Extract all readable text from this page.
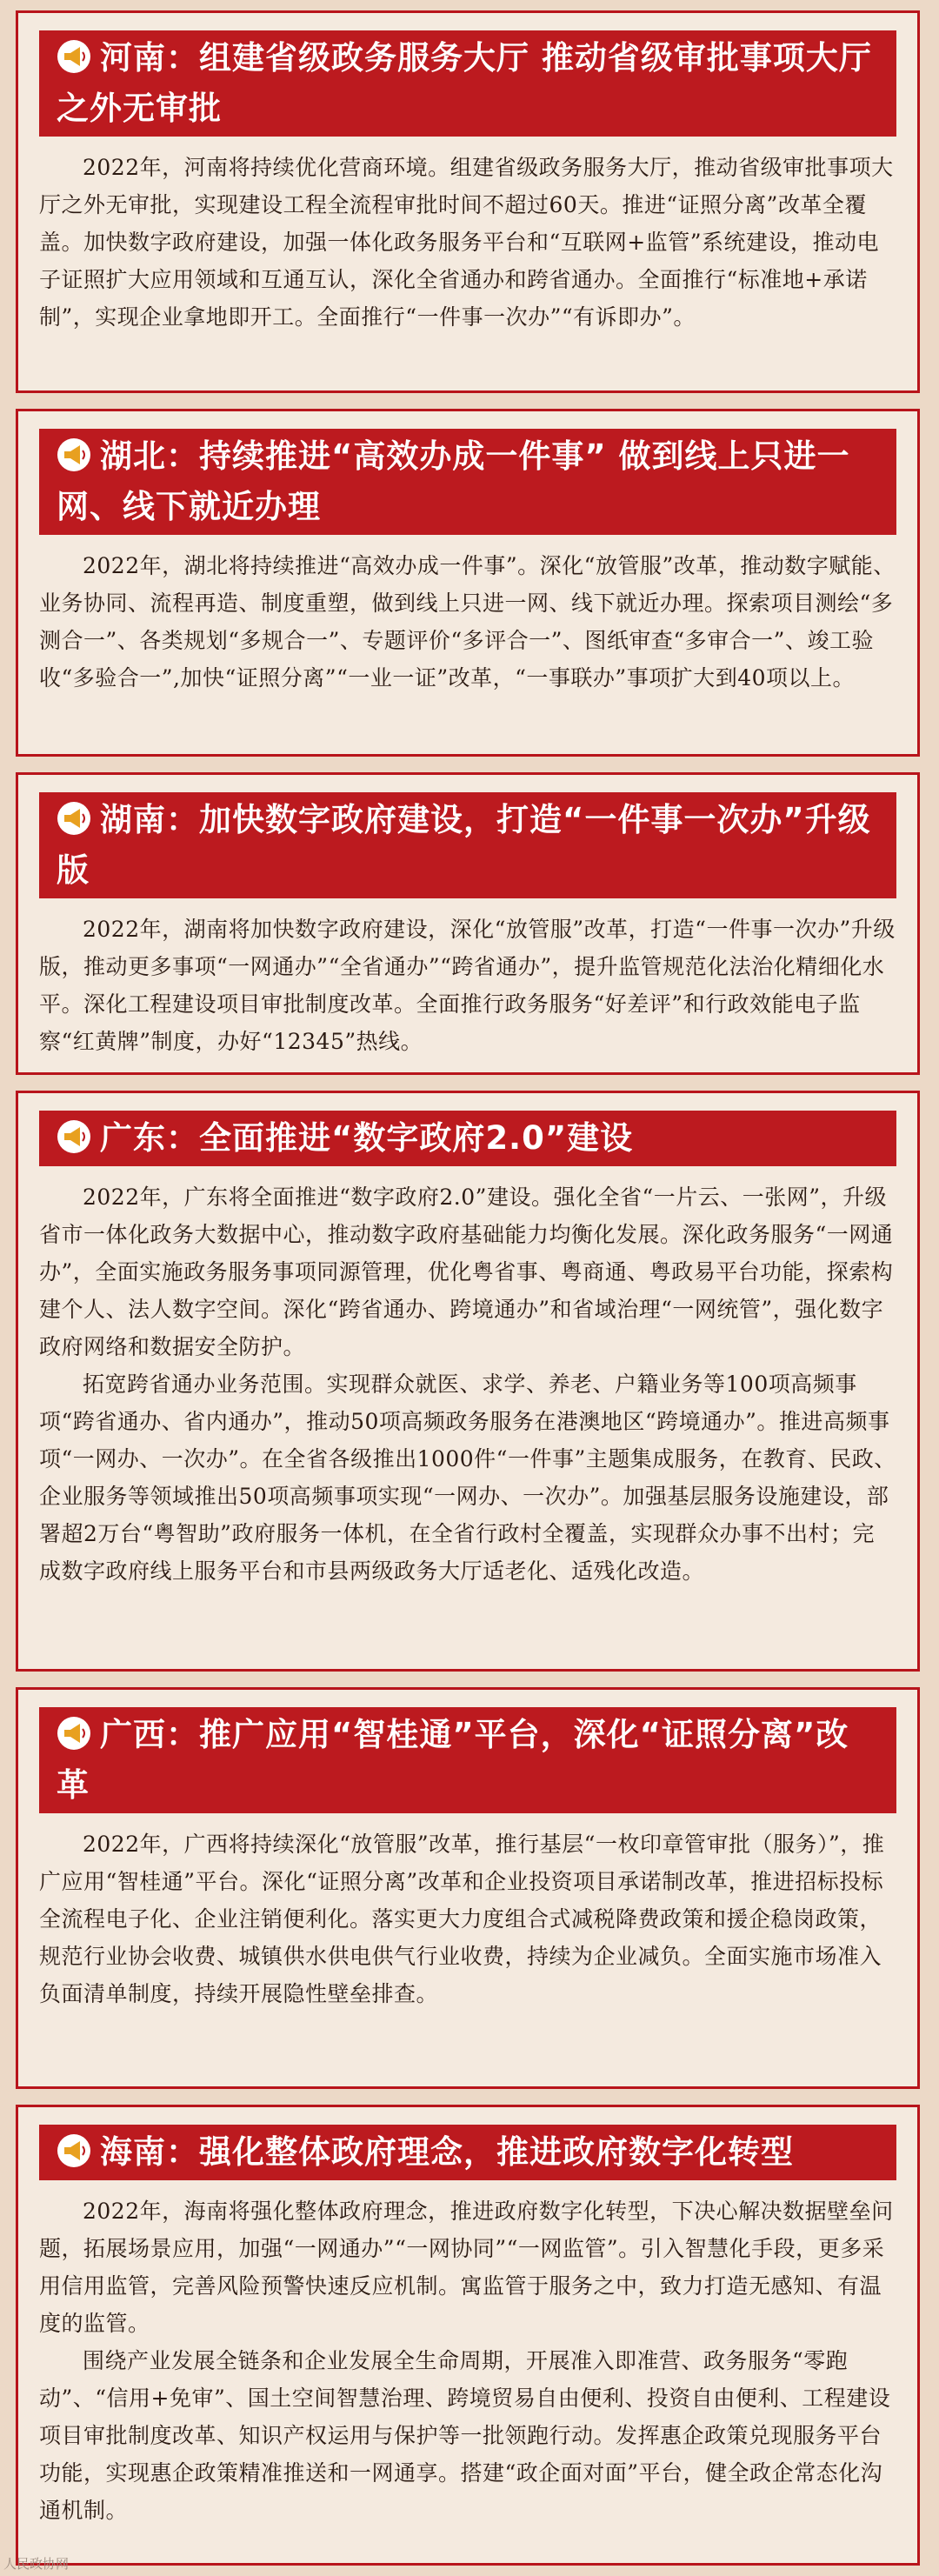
河南：组建省级政务服务大厅 推动省级审批事项大厅之外无审批

2022年，河南将持续优化营商环境。组建省级政务服务大厅，推动省级审批事项大厅之外无审批，实现建设工程全流程审批时间不超过60天。推进“证照分离”改革全覆盖。加快数字政府建设，加强一体化政务服务平台和“互联网+监管”系统建设，推动电子证照扩大应用领域和互通互认，深化全省通办和跨省通办。全面推行“标准地+承诺制”，实现企业拿地即开工。全面推行“一件事一次办”“有诉即办”。

湖北：持续推进“高效办成一件事” 做到线上只进一网、线下就近办理

2022年，湖北将持续推进“高效办成一件事”。深化“放管服”改革，推动数字赋能、业务协同、流程再造、制度重塑，做到线上只进一网、线下就近办理。探索项目测绘“多测合一”、各类规划“多规合一”、专题评价“多评合一”、图纸审查“多审合一”、竣工验收“多验合一”,加快“证照分离”“一业一证”改革，“一事联办”事项扩大到40项以上。

湖南：加快数字政府建设，打造“一件事一次办”升级版

2022年，湖南将加快数字政府建设，深化“放管服”改革，打造“一件事一次办”升级版，推动更多事项“一网通办”“全省通办”“跨省通办”，提升监管规范化法治化精细化水平。深化工程建设项目审批制度改革。全面推行政务服务“好差评”和行政效能电子监察“红黄牌”制度，办好“12345”热线。

广东：全面推进“数字政府2.0”建设

2022年，广东将全面推进“数字政府2.0”建设。强化全省“一片云、一张网”，升级省市一体化政务大数据中心，推动数字政府基础能力均衡化发展。深化政务服务“一网通办”，全面实施政务服务事项同源管理，优化粤省事、粤商通、粤政易平台功能，探索构建个人、法人数字空间。深化“跨省通办、跨境通办”和省域治理“一网统管”，强化数字政府网络和数据安全防护。

拓宽跨省通办业务范围。实现群众就医、求学、养老、户籍业务等100项高频事项“跨省通办、省内通办”，推动50项高频政务服务在港澳地区“跨境通办”。推进高频事项“一网办、一次办”。在全省各级推出1000件“一件事”主题集成服务，在教育、民政、企业服务等领域推出50项高频事项实现“一网办、一次办”。加强基层服务设施建设，部署超2万台“粤智助”政府服务一体机，在全省行政村全覆盖，实现群众办事不出村；完成数字政府线上服务平台和市县两级政务大厅适老化、适残化改造。

广西：推广应用“智桂通”平台，深化“证照分离”改革

2022年，广西将持续深化“放管服”改革，推行基层“一枚印章管审批（服务）”，推广应用“智桂通”平台。深化“证照分离”改革和企业投资项目承诺制改革，推进招标投标全流程电子化、企业注销便利化。落实更大力度组合式减税降费政策和援企稳岗政策，规范行业协会收费、城镇供水供电供气行业收费，持续为企业减负。全面实施市场准入负面清单制度，持续开展隐性壁垒排查。

海南：强化整体政府理念，推进政府数字化转型

2022年，海南将强化整体政府理念，推进政府数字化转型，下决心解决数据壁垒问题，拓展场景应用，加强“一网通办”“一网协同”“一网监管”。引入智慧化手段，更多采用信用监管，完善风险预警快速反应机制。寓监管于服务之中，致力打造无感知、有温度的监管。

围绕产业发展全链条和企业发展全生命周期，开展准入即准营、政务服务“零跑动”、“信用+免审”、国土空间智慧治理、跨境贸易自由便利、投资自由便利、工程建设项目审批制度改革、知识产权运用与保护等一批领跑行动。发挥惠企政策兑现服务平台功能，实现惠企政策精准推送和一网通享。搭建“政企面对面”平台，健全政企常态化沟通机制。

人民政协网
